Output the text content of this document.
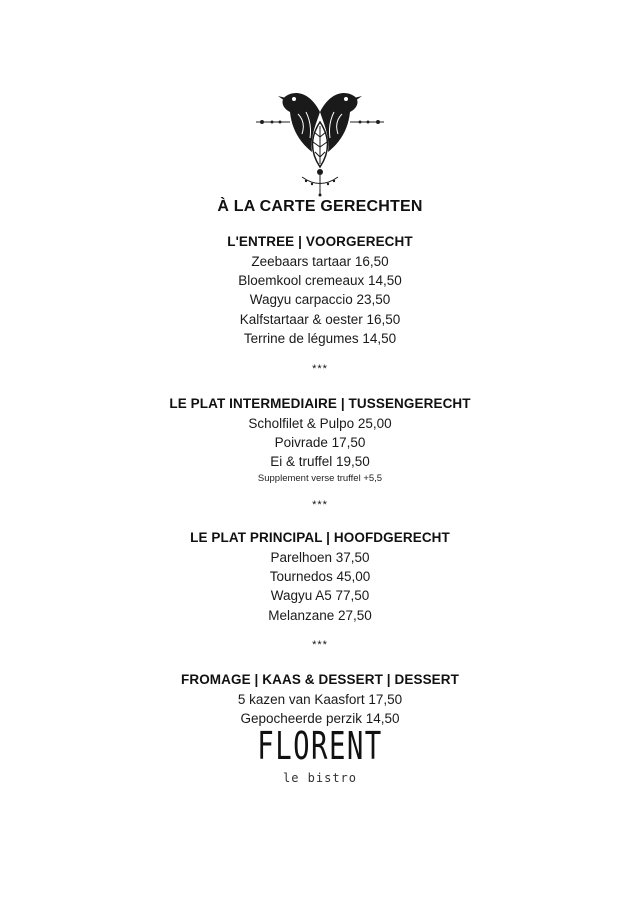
À LA CARTE GERECHTEN
L'ENTREE | VOORGERECHT
Zeebaars tartaar 16,50
Bloemkool cremeaux 14,50
Wagyu carpaccio 23,50
Kalfstartaar & oester 16,50
Terrine de légumes 14,50
***
LE PLAT INTERMEDIAIRE | TUSSENGERECHT
Scholfilet & Pulpo 25,00
Poivrade 17,50
Ei & truffel 19,50
Supplement verse truffel +5,5
***
LE PLAT PRINCIPAL | HOOFDGERECHT
Parelhoen 37,50
Tournedos 45,00
Wagyu A5 77,50
Melanzane 27,50
***
FROMAGE | KAAS & DESSERT | DESSERT
5 kazen van Kaasfort 17,50
Gepocheerde perzik 14,50
FLORENT
le bistro
